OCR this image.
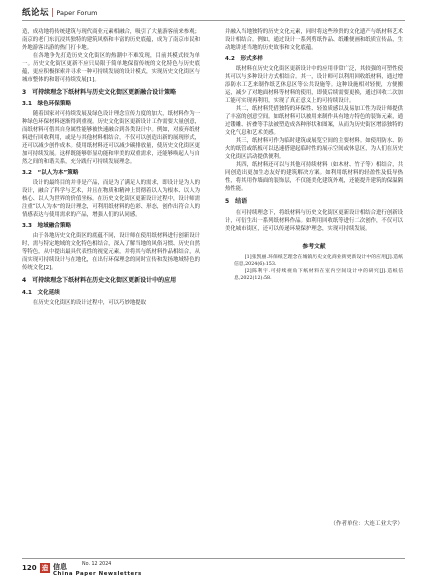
纸论坛 | Paper Forum

造，成功地将传统建筑与现代商业元素相融合，吸引了大量游客前来参观；南京的老门东沉浸其独特的建筑风格和丰富的历史底蕴，成为了南京市民和外地游客出游的热门打卡地。

在各地争先打造历史文化街区的热潮中不难发现，目前其模式较为单一。历史文化街区更新不应只局限于简单地保留传统的文化特色与历史底蕴，更应积极探索并寻求一种可持续发展的设计模式，实现历史文化街区与城市整体的和谐可持续发展[1]。

3　可持续理念下纸材料与历史文化街区更新融合设计策略
3.1　绿色环保策略

随着国家对可持续发展及绿色设计理念宣传力度的加大，纸材料作为一种绿色环保材料逐渐得到重视。历史文化街区更新设计工作需要大量创意，而纸材料可借其自身属性能够被快速融合到各类设计中。例如，对废弃纸材料进行回收利用，或是与其他材料相结合，不仅可以创造出新的展现形式，还可以减少创作成本。使用纸材料还可以减少碳排放量，使历史文化街区更加可持续发展。这样既能够彰显功能和审美的双重需求，还能够唤起人与自然之间的和谐关系，充分践行可持续发展理念。

3.2　“以人为本”策略

设计的最终目的并非是产品，而是为了满足人的需求，即设计是为人的设计，融合了科学与艺术，并且在物质和精神上贯彻着以人为根本、以人为核心、以人为世界的价值坐标。在历史文化街区更新设计过程中，设计师需注重“以人为本”的设计理念，可利用纸材料的色彩、形态，创作出符合人的情感表达与使用需求的产品，增强人们的认同感。

3.3　地域融合策略

由于各地历史文化街区的底蕴不同，设计师在使用纸材料进行创新设计时，需与特定地域的文化特色相结合，深入了解当地的风俗习惯、历史自然等特色，从中提出最具代表性的视觉元素，并将其与纸材料作品相结合，从而实现可持续设计与在地化，在出行环保理念的同时宣传和发扬地域特色的传统文化[2]。

4　可持续理念下纸材料在历史文化街区更新设计中的应用
4.1　文化延续

在历史文化街区的设计过程中，可以巧妙地提取

并融入当地独特的历史文化元素，同时将这些珍贵的文化遗产与纸材料艺术设计相结合。例如，通过设计一系列剪纸作品、纸雕便画和纸质宣传品，生动地讲述当地的历史故事和文化底蕴。

4.2　形式多样

纸材料在历史文化街区更新设计中的应用非常广泛，其较强的可塑性使其可以与多种设计方式相结合。其一，设计师可以利用回收纸材料，通过增添防水工艺来制作纸艺休息区等公共设施等。这种设施相对轻便，方便搬运，减少了对地面材料等材料的使用，即使后续需要更换，通过回收二次加工能可实现再利用，实现了真正意义上的可持续设计。

其二，纸材料凭借独特的环保性、轻盈质感以及易加工性为设计师提供了丰富的创意空间。如纸材料可以被用来制作具有地方特色的装饰元素，通过镂雕、折叠等手法被塑造成各种形状和图案，从而为历史街区增添独特的文化气息和艺术美感。

其三，纸材料可作为临时建筑或展览空间的主要材料。如使用防水、防火的纸管或纸板可以迅速搭建起临时性的展示空间或休息区，为人们在历史文化街区活动提供便利。

其四，纸材料还可以与其他可持续材料（如木材、竹子等）相结合，共同创造出更加生态友好的建筑解决方案。如利用纸材料的轻盈性及低导热性，将其用作墙面的装饰层，不仅能美化建筑外观，还能提升建筑的保温隔热性能。

5　结语

在可持续理念下，将纸材料与历史文化街区更新设计相结合进行创新设计，可衍生出一系列纸材料作品。如利用回收纸等进行二次创作，不仅可以美化城市街区，还可以传递环境保护理念，实现可持续发展。

参考文献

[1]张凯丽.环保纸艺理念在城镇历史文化商业街更新设计中的应用[J].造纸信息,2024(6):153.

[2]陈利宇.可持续视角下纸材料在室内空间设计中的研究[J].造纸信息,2022(12):58.

（作者单位：大连工业大学）
120 造 信息	No. 12 2024
China Paper Newsletters
